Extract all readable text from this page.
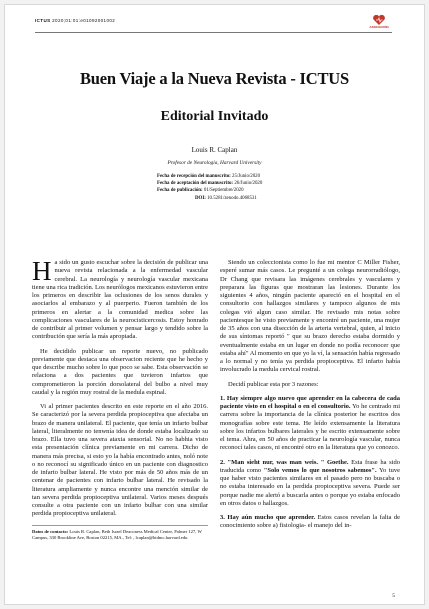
ICTUS 2020;01:01:e01092001002
ASOCIACIÓN
Buen Viaje a la Nueva Revista - ICTUS
Editorial Invitado
Louis R. Caplan
Profesor de Neurología, Harvard University
Fecha de recepción del manuscrito: 25/Junio/2020
Fecha de aceptación del manuscrito: 26/Junio/2020
Fecha de publicación: 01/Septiembre/2020
DOI: 10.5281/zenodo.4068531

Ha sido un gusto escuchar sobre la decisión de publicar una nueva revista relacionada a la enfermedad vascular cerebral. La neurología y neurología vascular mexicana tiene una rica tradición. Los neurólogos mexicanos estuvieron entre los primeros en describir las oclusiones de los senos durales y asociarlos al embarazo y al puerperio. Fueron también de los primeros en alertar a la comunidad medica sobre las complicaciones vasculares de la neurocisticercosis. Estoy honrado de contribuir al primer volumen y pensar largo y tendido sobre la contribución que sería la más apropiada.

He decidido publicar un reporte nuevo, no publicado previamente que destaca una observacion reciente que he hecho y que describe mucho sobre lo que poco se sabe. Esta observación se relaciona a dos pacientes que tuvieron infartos que comprometieron la porción dorsolateral del bulbo a nivel muy caudal y la región muy rostral de la medula espinal.

Vi al primer pacientes descrito en este reporte en el año 2016. Se caracterizó por la severa perdida propioceptiva que afectaba un brazo de manera unilateral. El paciente, que tenía un infarto bulbar lateral, literalmente no tenwnía idea de donde estaba localizado su brazo. Ella tuvo una severa ataxia sensorial. No no habhia visto esta presentación clínica previamente en mi carrera. Dicho de manera más precisa, si esto yo la había encontrado antes, noló note o no reconocí su significado único en un paciente con diagnostico de infarto bulbar lateral. He visto por más de 50 años más de un centenar de pacientes con infarto bulbar lateral. He revisado la literatura ampliamente y nunca encontre una mención similar de tan severa perdida propioceptiva unilateral. Varios meses después consulte a otra paciente con un infarto bulbar con una similar perdida propioceptiva unilateral.

Datos de contacto: Louis R. Caplan, Beth Israel Deaconess Medical Center, Palmer 127, W Campus, 330 Brookline Ave, Boston 02215, MA., Tel: , lcaplan@bidmc.harvard.edu

Siendo un coleccionista como lo fue mi mentor C Miller Fisher, esperé sumar más casos. Le pregunté a un colega neurorradiólogo, Dr Chang que revisara las imágenes cerebrales y vasculares y preparara las figuras que mostraran las lesiones. Durante los siguientes 4 años, ningún paciente apareció en el hospital en el consultorio con hallazgos similares y tampoco algunos de mis colegas vió algun caso similar. He revisado mis notas sobre pacientesque he visto previamente y encontré un paciente, una mujer de 35 años con una disección de la arteria vertebral, quien, al inicio de sus síntomas reportó " que su brazo derecho estaba dormido y eventualmente estaba en un lugar en donde no podía reconocer que estaba ahí" Al momento en que yo la ví, la sensación había regresado a lo normal y no tenía ya perdida propioceptiva. El infarto había involucrado la medula cervical rostral.

Decidí publicar esta por 3 razones:

1. Hay siempre algo nuevo que aprender en la cabecera de cada paciente visto en el hospital o en el consultorio. Yo he centrado mi carrera sobre la importancia de la clínica posterior he escritos dos monografías sobre este tema. He leído extensamente la literatura sobre los infartos bulbares laterales y he escrito extensamente sobre el tema. Ahra, en 50 años de practicar la neurología vascular, nunca reconocí tales casos, ni encontré otro en la literatura que yo conozco.

2. "Man sieht nur, was man weis. " Goethe. Esta frase ha sido traducida como "Solo vemos lo que nosotros sabemos". Yo tuve que haber visto pacientes similares en el pasado pero no buscaba o no estaba interesado en la perdida propioceptiva severa. Puede ser porque nadie me alertó a buscarla antes o porque yo estaba enfocado en otros datos o hallazgos.

3. Hay aún mucho que aprender. Estos casos revelan la falta de conocimiento sobre a) fisiologia- el manejo del in-

5
